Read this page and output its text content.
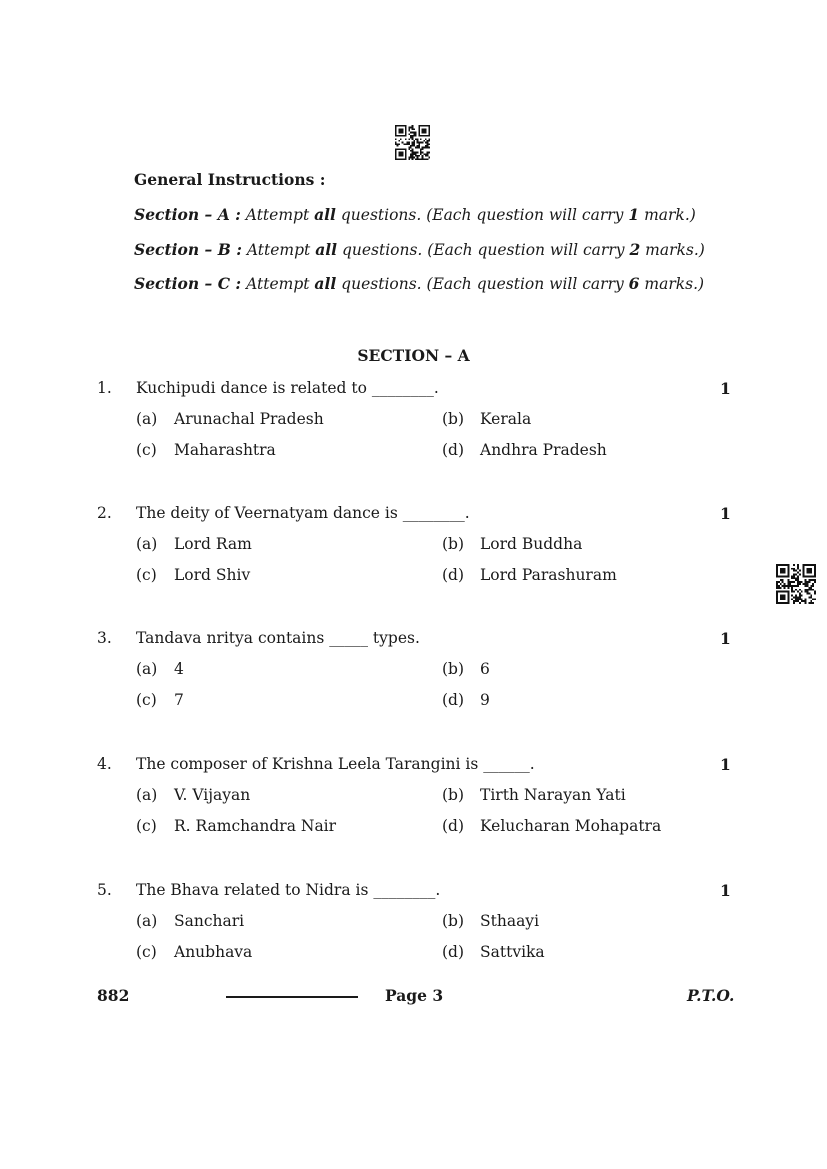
General Instructions :
Section – A : Attempt all questions. (Each question will carry 1 mark.)
Section – B : Attempt all questions. (Each question will carry 2 marks.)
Section – C : Attempt all questions. (Each question will carry 6 marks.)
SECTION – A
1. Kuchipudi dance is related to ________.	1
(a) Arunachal Pradesh	(b) Kerala
(c) Maharashtra	(d) Andhra Pradesh
2. The deity of Veernatyam dance is ________.	1
(a) Lord Ram	(b) Lord Buddha
(c) Lord Shiv	(d) Lord Parashuram
3. Tandava nritya contains _____ types.	1
(a) 4	(b) 6
(c) 7	(d) 9
4. The composer of Krishna Leela Tarangini is ______.	1
(a) V. Vijayan	(b) Tirth Narayan Yati
(c) R. Ramchandra Nair	(d) Kelucharan Mohapatra
5. The Bhava related to Nidra is ________.	1
(a) Sanchari	(b) Sthaayi
(c) Anubhava	(d) Sattvika
882	Page 3	P.T.O.
